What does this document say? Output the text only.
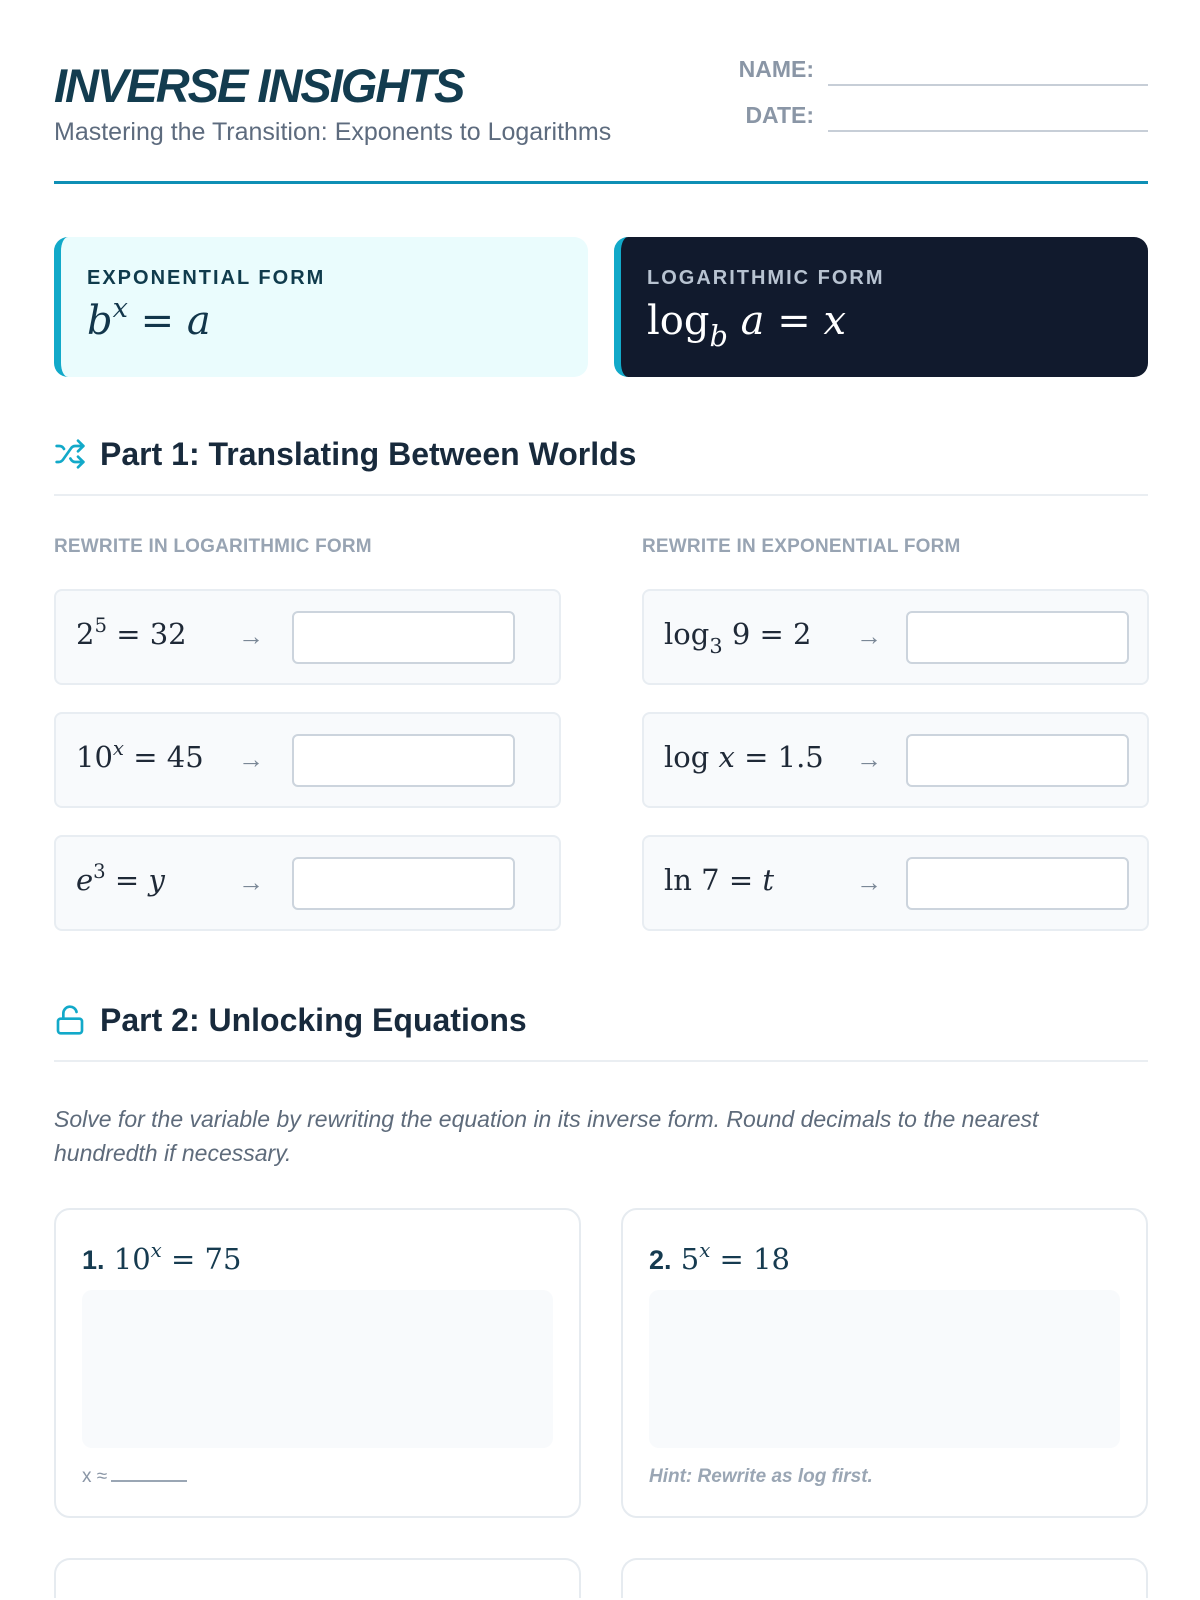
INVERSE INSIGHTS
Mastering the Transition: Exponents to Logarithms
NAME:
DATE:
EXPONENTIAL FORM
$b^x = a$
LOGARITHMIC FORM
$\log_b a = x$
Part 1: Translating Between Worlds
REWRITE IN LOGARITHMIC FORM	REWRITE IN EXPONENTIAL FORM
$2^5 = 32$ →
$10^x = 45$ →
$e^3 = y$	→
$\log_3 9 = 2$ →
log x = 1.5 →
ln 7 = t	→
Part 2: Unlocking Equations
Solve for the variable by rewriting the equation in its inverse form. Round decimals to the nearest hundredth if necessary.
1. $10^x = 75$
x ≈
2. $5^x = 18$
Hint: Rewrite as log first.
